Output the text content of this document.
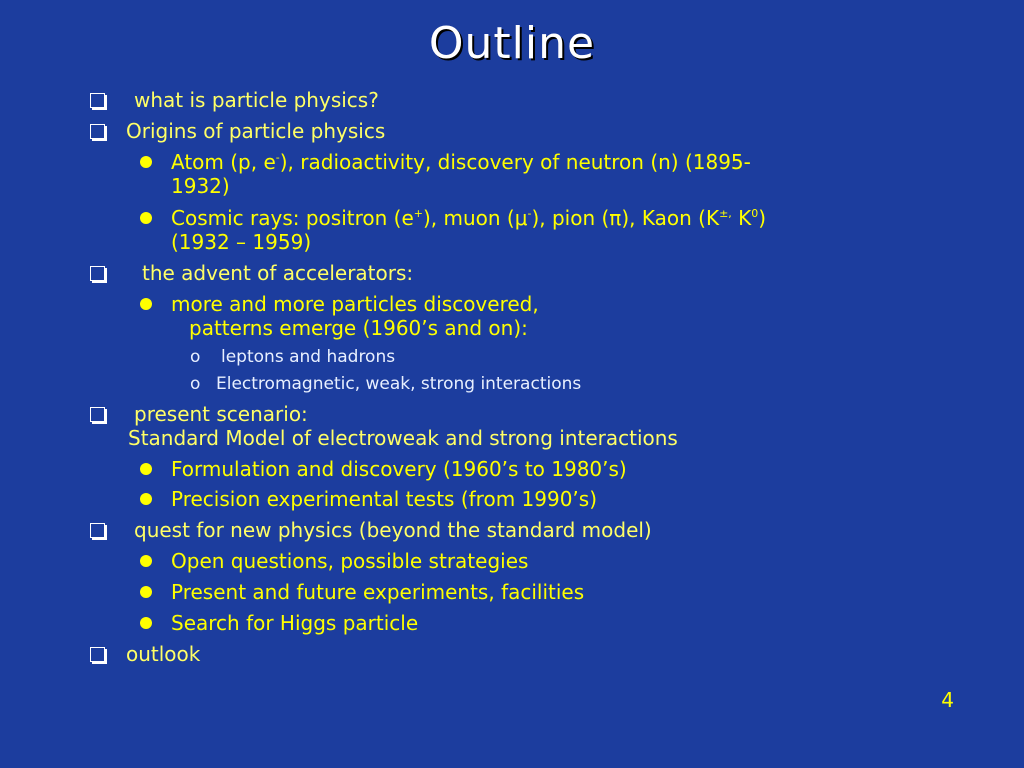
Outline
what is particle physics?
Origins of particle physics
Atom (p, e-), radioactivity, discovery of neutron (n) (1895-
1932)
Cosmic rays: positron (e+), muon (μ-), pion (π), Kaon (K±, $K^0$)
(1932 – 1959)
the advent of accelerators:
more and more particles discovered,
patterns emerge (1960’s and on):
o leptons and hadrons
o Electromagnetic, weak, strong interactions
present scenario:
Standard Model of electroweak and strong interactions
Formulation and discovery (1960’s to 1980’s)
Precision experimental tests (from 1990’s)
quest for new physics (beyond the standard model)
Open questions, possible strategies
Present and future experiments, facilities
Search for Higgs particle
outlook
4
